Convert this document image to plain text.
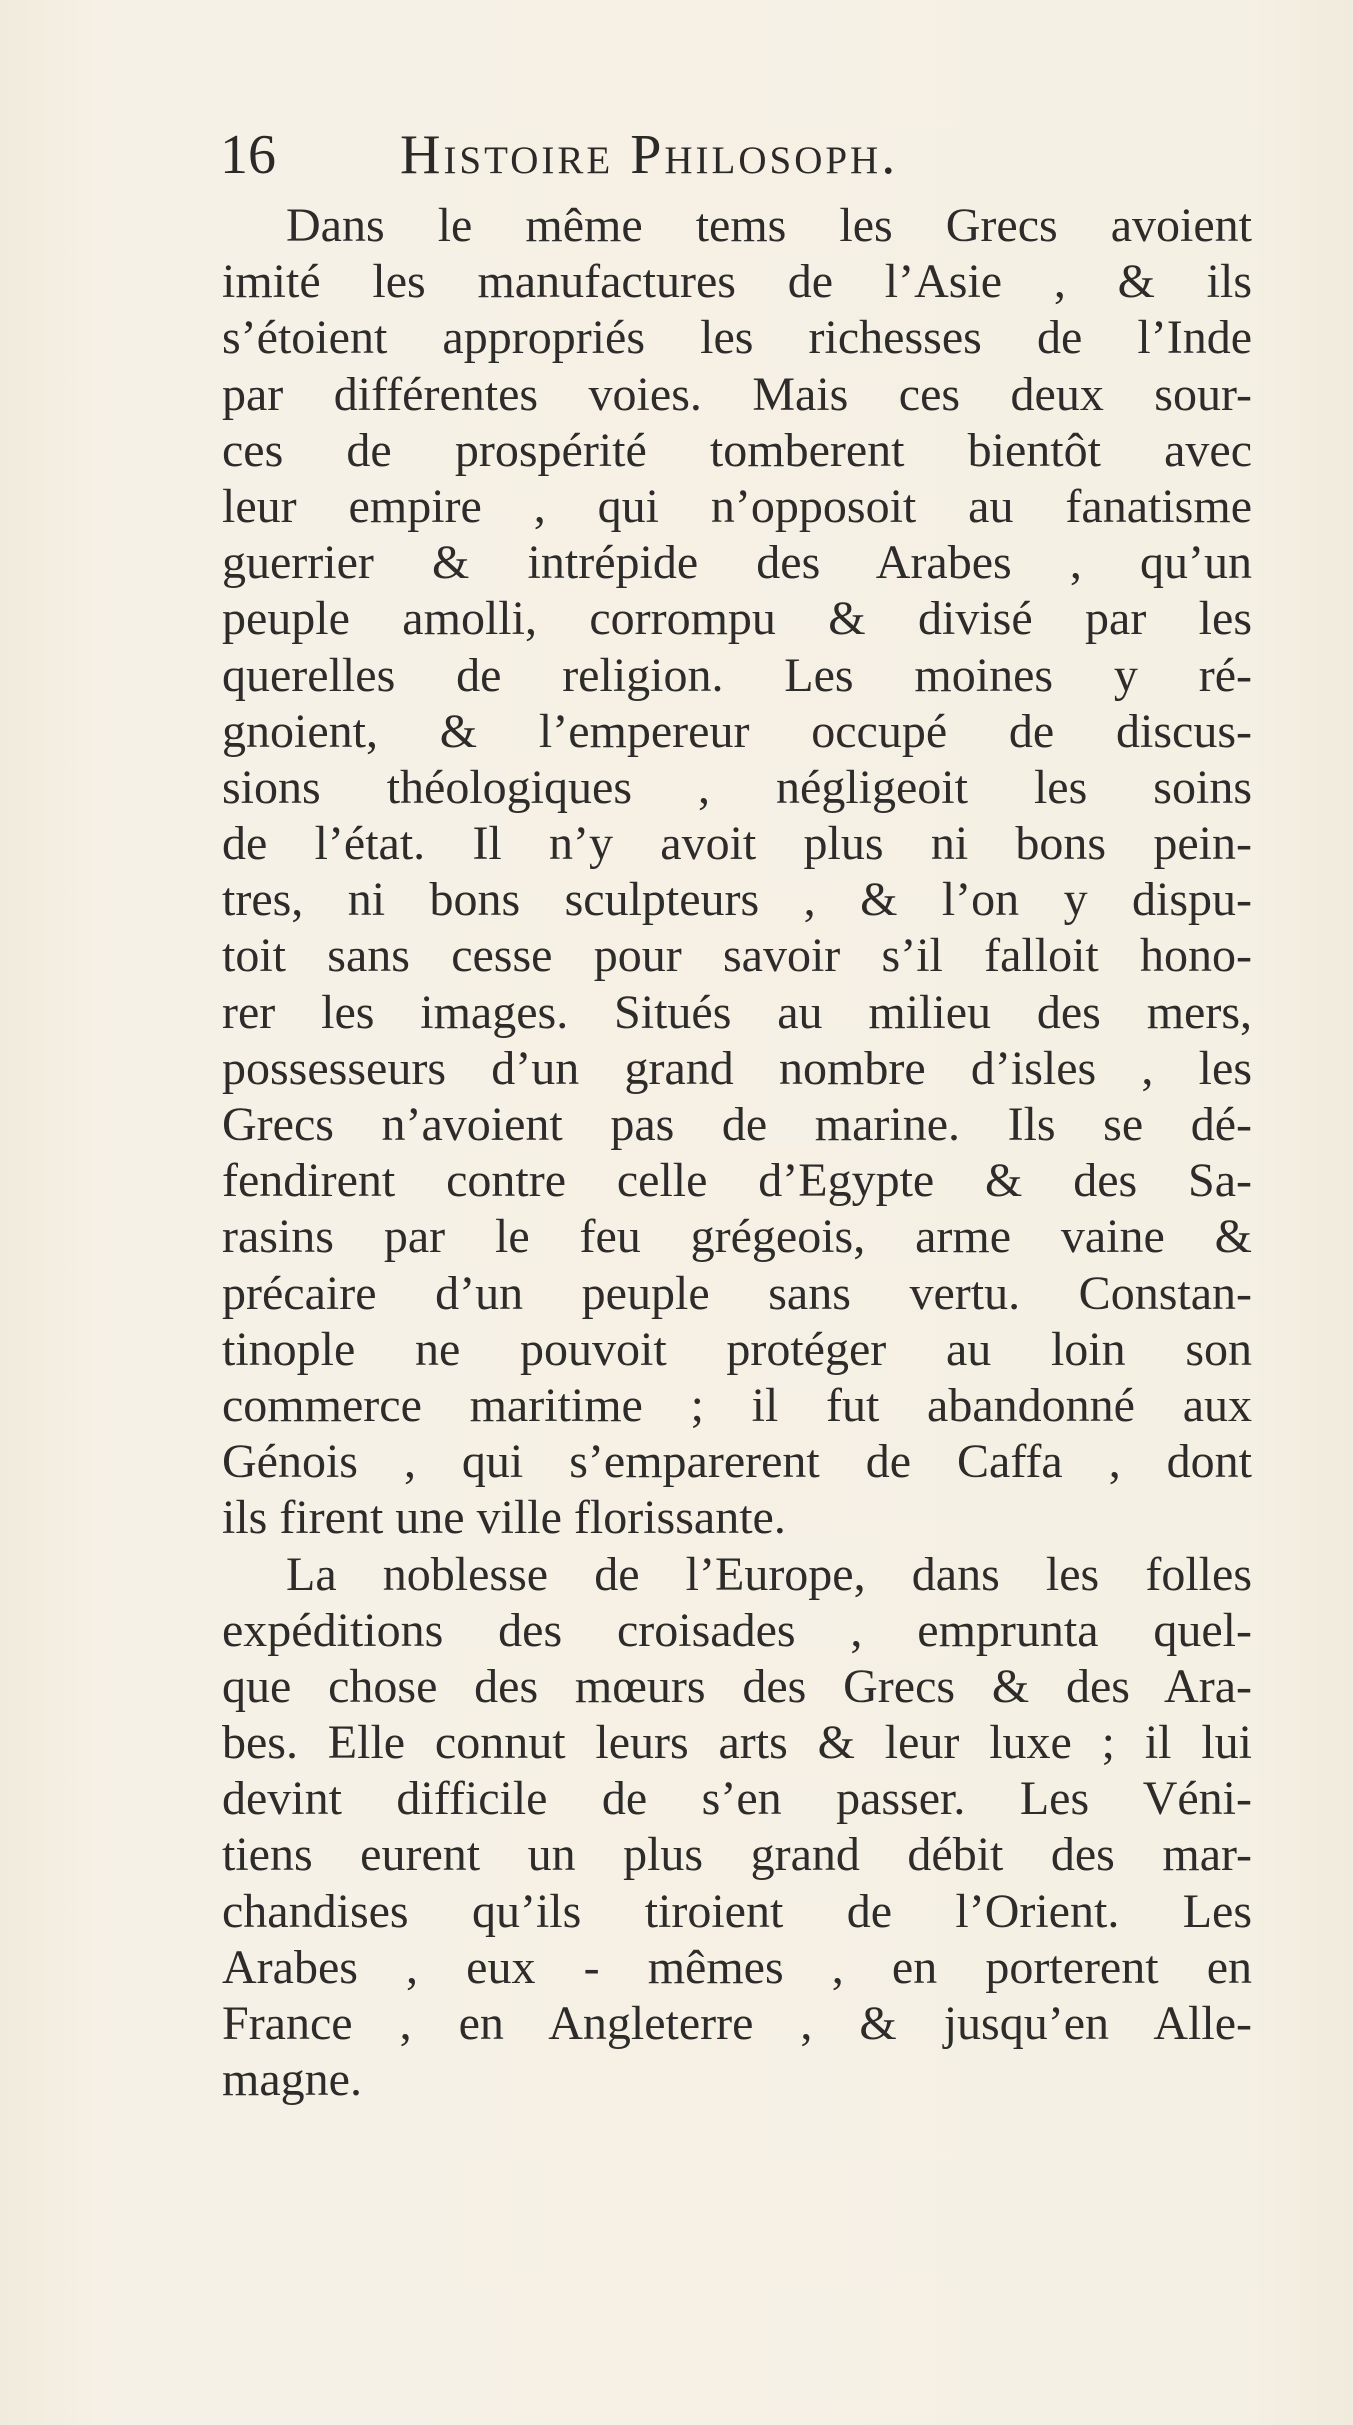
16 Histoire Philosoph.
Dans le même tems les Grecs avoient
imité les manufactures de l’Asie , & ils
s’étoient appropriés les richesses de l’Inde
par différentes voies. Mais ces deux sour-
ces de prospérité tomberent bientôt avec
leur empire , qui n’opposoit au fanatisme
guerrier & intrépide des Arabes , qu’un
peuple amolli, corrompu & divisé par les
querelles de religion. Les moines y ré-
gnoient, & l’empereur occupé de discus-
sions théologiques , négligeoit les soins
de l’état. Il n’y avoit plus ni bons pein-
tres, ni bons sculpteurs , & l’on y dispu-
toit sans cesse pour savoir s’il falloit hono-
rer les images. Situés au milieu des mers,
possesseurs d’un grand nombre d’isles , les
Grecs n’avoient pas de marine. Ils se dé-
fendirent contre celle d’Egypte & des Sa-
rasins par le feu grégeois, arme vaine &
précaire d’un peuple sans vertu. Constan-
tinople ne pouvoit protéger au loin son
commerce maritime ; il fut abandonné aux
Génois , qui s’emparerent de Caffa , dont
ils firent une ville florissante.
La noblesse de l’Europe, dans les folles
expéditions des croisades , emprunta quel-
que chose des mœurs des Grecs & des Ara-
bes. Elle connut leurs arts & leur luxe ; il lui
devint difficile de s’en passer. Les Véni-
tiens eurent un plus grand débit des mar-
chandises qu’ils tiroient de l’Orient. Les
Arabes , eux - mêmes , en porterent en
France , en Angleterre , & jusqu’en Alle-
magne.
